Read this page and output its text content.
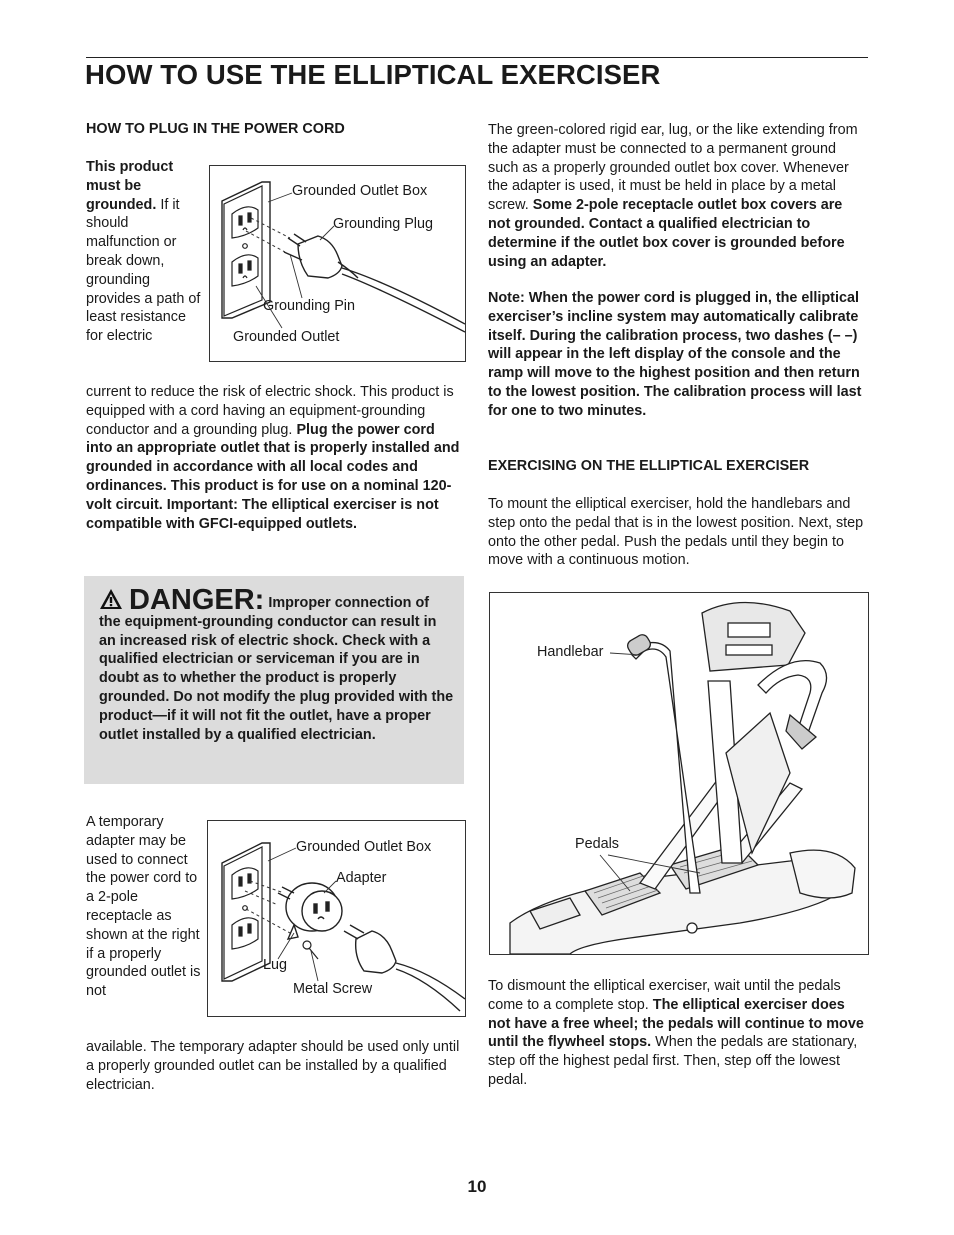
HOW TO USE THE ELLIPTICAL EXERCISER
HOW TO PLUG IN THE POWER CORD
This product must be grounded. If it should malfunction or break down, grounding provides a path of least resistance for electric
Grounded Outlet Box
Grounding Plug
Grounding Pin
Grounded Outlet
current to reduce the risk of electric shock. This product is equipped with a cord having an equipment-grounding conductor and a grounding plug. Plug the power cord into an appropriate outlet that is properly installed and grounded in accordance with all local codes and ordinances. This product is for use on a nominal 120-volt circuit. Important: The elliptical exerciser is not compatible with GFCI-equipped outlets.
DANGER: Improper connection of the equipment-grounding conductor can result in an increased risk of electric shock. Check with a qualified electrician or serviceman if you are in doubt as to whether the product is properly grounded. Do not modify the plug provided with the product—if it will not fit the outlet, have a proper outlet installed by a qualified electrician.
A temporary adapter may be used to connect the power cord to a 2-pole receptacle as shown at the right if a properly grounded outlet is not
Grounded Outlet Box
Adapter
Lug
Metal Screw
available. The temporary adapter should be used only until a properly grounded outlet can be installed by a qualified electrician.
The green-colored rigid ear, lug, or the like extending from the adapter must be connected to a permanent ground such as a properly grounded outlet box cover. Whenever the adapter is used, it must be held in place by a metal screw. Some 2-pole receptacle outlet box covers are not grounded. Contact a qualified electrician to determine if the outlet box cover is grounded before using an adapter.
Note: When the power cord is plugged in, the elliptical exerciser’s incline system may automatically calibrate itself. During the calibration process, two dashes (– –) will appear in the left display of the console and the ramp will move to the highest position and then return to the lowest position. The calibration process will last for one to two minutes.
EXERCISING ON THE ELLIPTICAL EXERCISER
To mount the elliptical exerciser, hold the handlebars and step onto the pedal that is in the lowest position. Next, step onto the other pedal. Push the pedals until they begin to move with a continuous motion.
Handlebar
Pedals
To dismount the elliptical exerciser, wait until the pedals come to a complete stop. The elliptical exerciser does not have a free wheel; the pedals will continue to move until the flywheel stops. When the pedals are stationary, step off the highest pedal first. Then, step off the lowest pedal.
10
